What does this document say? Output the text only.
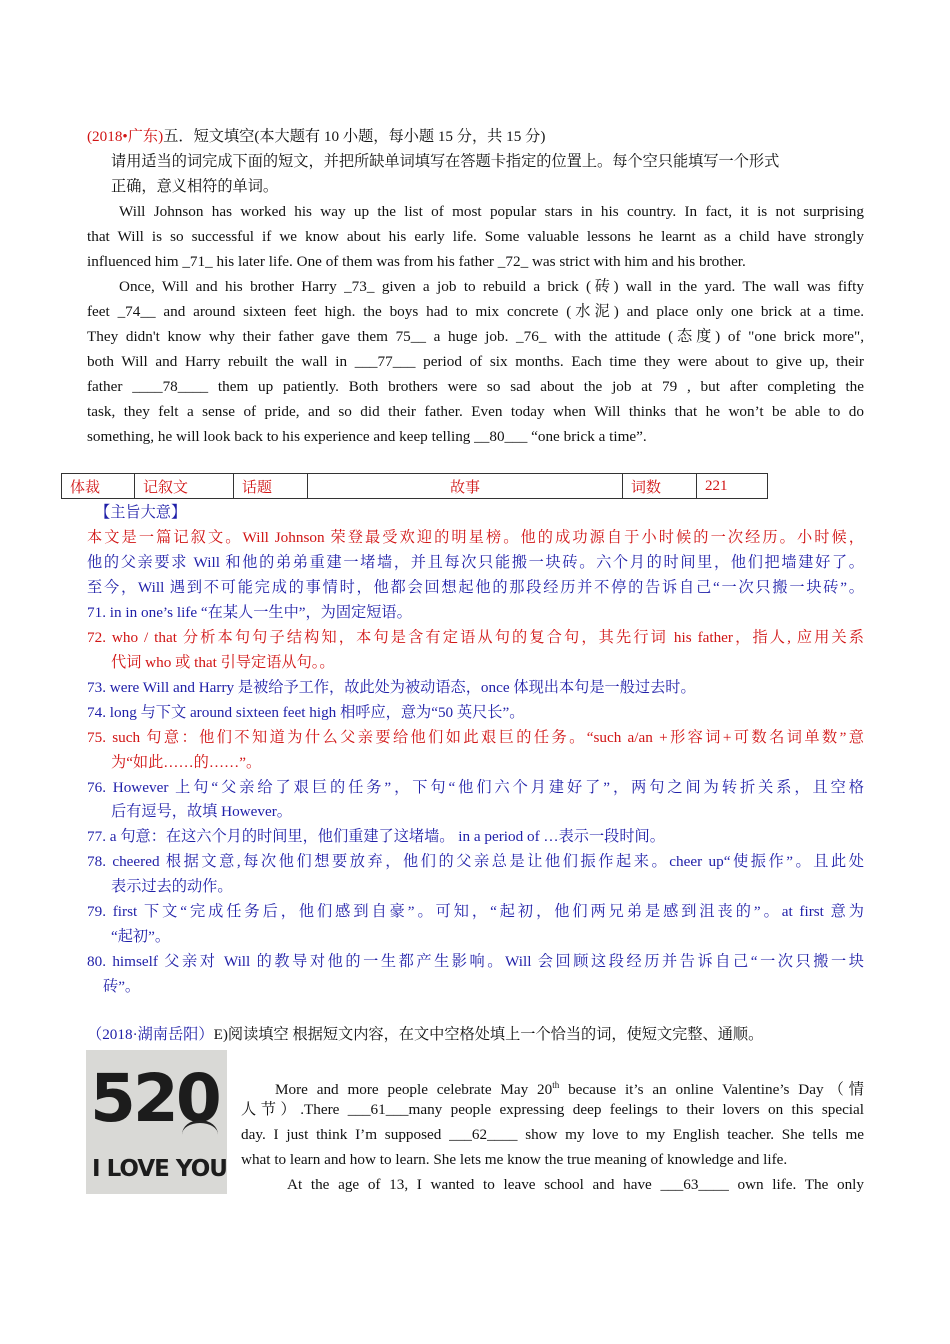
(2018•广东)五．短文填空(本大题有 10 小题，每小题 15 分，共 15 分)
请用适当的词完成下面的短文，并把所缺单词填写在答题卡指定的位置上。每个空只能填写一个形式
正确，意义相符的单词。
Will Johnson has worked his way up the list of most popular stars in his country. In fact, it is not surprising
that Will is so successful if we know about his early life. Some valuable lessons he learnt as a child have strongly
influenced him _71_ his later life. One of them was from his father _72_ was strict with him and his brother.
Once, Will and his brother Harry _73_ given a job to rebuild a brick (砖) wall in the yard. The wall was fifty
feet _74__ and around sixteen feet high. the boys had to mix concrete (水泥) and place only one brick at a time.
They didn't know why their father gave them 75__ a huge job. _76_ with the attitude (态度) of "one brick more",
both Will and Harry rebuilt the wall in ___77___ period of six months. Each time they were about to give up, their
father ____78____ them up patiently. Both brothers were so sad about the job at 79 , but after completing the
task, they felt a sense of pride, and so did their father. Even today when Will thinks that he won’t be able to do
something, he will look back to his experience and keep telling __80___ “one brick a time”.
体裁	记叙文	话题	故事	词数	221
【主旨大意】
本文是一篇记叙文。Will Johnson 荣登最受欢迎的明星榜。他的成功源自于小时候的一次经历。小时候，
他的父亲要求 Will 和他的弟弟重建一堵墙，并且每次只能搬一块砖。六个月的时间里，他们把墙建好了。
至今，Will 遇到不可能完成的事情时，他都会回想起他的那段经历并不停的告诉自己“一次只搬一块砖”。
71. in in one’s life “在某人一生中”，为固定短语。
72. who / that 分析本句句子结构知，本句是含有定语从句的复合句，其先行词 his father，指人, 应用关系
代词 who 或 that 引导定语从句。。
73. were Will and Harry 是被给予工作，故此处为被动语态，once 体现出本句是一般过去时。
74. long 与下文 around sixteen feet high 相呼应，意为“50 英尺长”。
75. such 句意：他们不知道为什么父亲要给他们如此艰巨的任务。“such a/an +形容词+可数名词单数”意
为“如此……的……”。
76. However 上句“父亲给了艰巨的任务”，下句“他们六个月建好了”，两句之间为转折关系，且空格
后有逗号，故填 However。
77. a 句意：在这六个月的时间里，他们重建了这堵墙。 in a period of …表示一段时间。
78. cheered 根据文意,每次他们想要放弃，他们的父亲总是让他们振作起来。cheer up“使振作”。且此处
表示过去的动作。
79. first 下文“完成任务后，他们感到自豪”。可知，“起初，他们两兄弟是感到沮丧的”。at first 意为
“起初”。
80. himself 父亲对 Will 的教导对他的一生都产生影响。Will 会回顾这段经历并告诉自己“一次只搬一块
砖”。
（2018·湖南岳阳）E)阅读填空 根据短文内容，在文中空格处填上一个恰当的词，使短文完整、通顺。
520
I LOVE YOU
More and more people celebrate May 20th because it’s an online Valentine’s Day（情
人节）.There ___61___many people expressing deep feelings to their lovers on this special
day. I just think I’m supposed ___62____ show my love to my English teacher. She tells me
what to learn and how to learn. She lets me know the true meaning of knowledge and life.
At the age of 13, I wanted to leave school and have ___63____ own life. The only
